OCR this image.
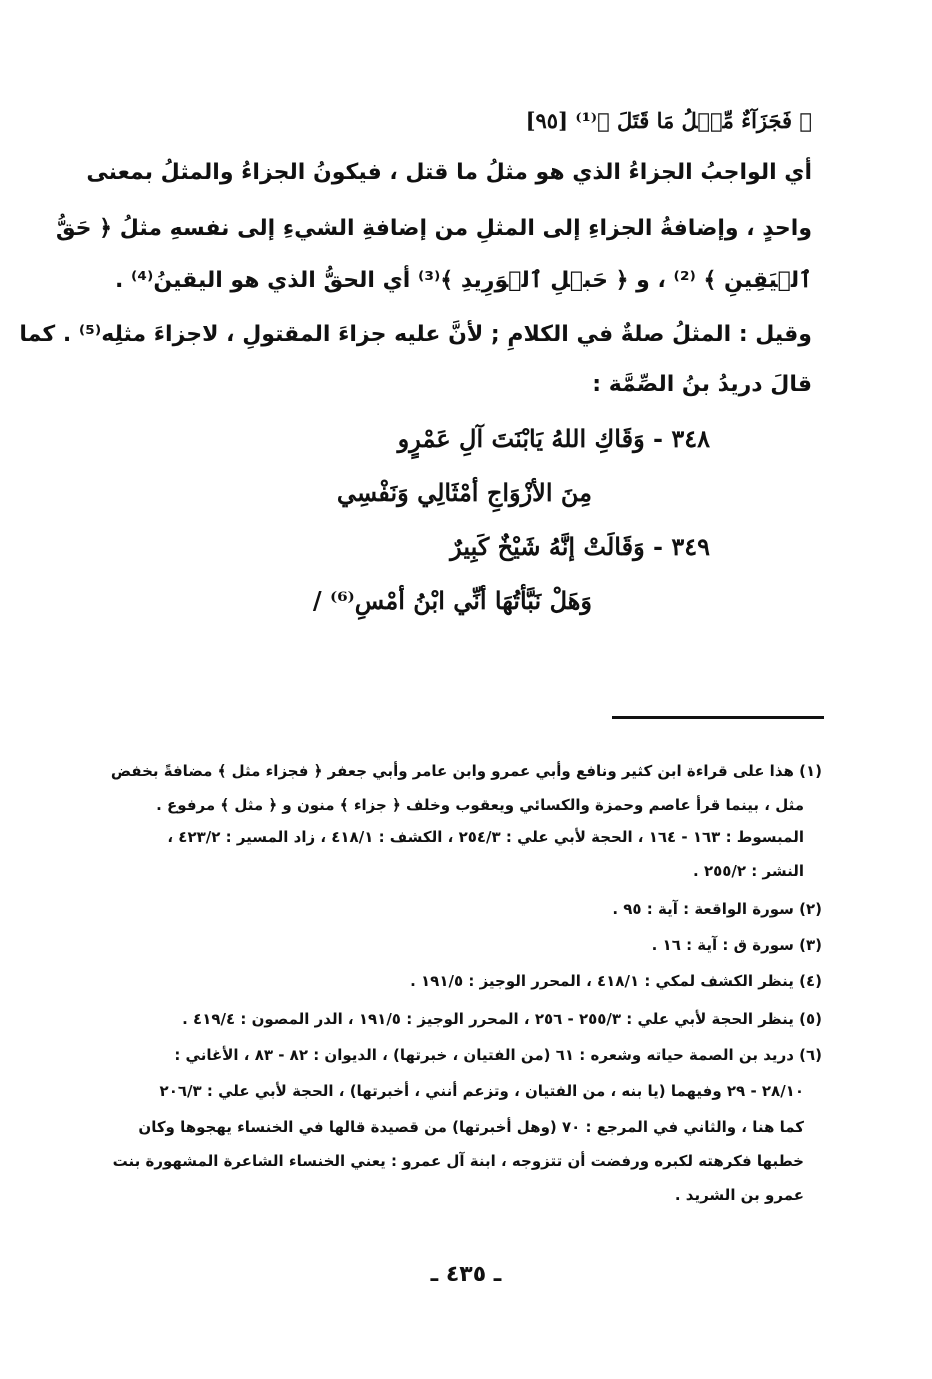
﴿ فَجَزَآءٌ مِّثۡلُ مَا قَتَلَ ﴾⁽¹⁾ [٩٥]
أي الواجبُ الجزاءُ الذي هو مثلُ ما قتل ، فيكونُ الجزاءُ والمثلُ بمعنى
واحدٍ ، وإضافةُ الجزاءِ إلى المثلِ من إضافةِ الشيءِ إلى نفسهِ مثلُ ﴿ حَقُّ
ٱلۡيَقِينِ ﴾ ⁽²⁾ ، و ﴿ حَبۡلِ ٱلۡوَرِيدِ ﴾⁽³⁾ أي الحقُّ الذي هو اليقينُ⁽⁴⁾ .
وقيل : المثلُ صلةٌ في الكلامِ ; لأنَّ عليه جزاءَ المقتولِ ، لاجزاءَ مثلِه⁽⁵⁾ . كما
قالَ دريدُ بنُ الصِّمَّة :
٣٤٨ - وَقَاكِ اللهُ يَابْنَتَ آلِ عَمْرٍو
مِنَ الأزْوَاجِ أمْثَالِي وَنَفْسِي
٣٤٩ - وَقَالَتْ إنَّهُ شَيْخٌ كَبِيرٌ
وَهَلْ نَبَّأتُهَا أنِّي ابْنُ أمْسِ⁽⁶⁾ /
(١) هذا على قراءة ابن كثير ونافع وأبي عمرو وابن عامر وأبي جعفر ﴿ فجزاء مثل ﴾ مضافةً بخفض
مثل ، بينما قرأ عاصم وحمزة والكسائي ويعقوب وخلف ﴿ جزاء ﴾ منون و ﴿ مثل ﴾ مرفوع .
المبسوط : ١٦٣ - ١٦٤ ، الحجة لأبي علي : ٢٥٤/٣ ، الكشف : ٤١٨/١ ، زاد المسير : ٤٢٣/٢ ،
النشر : ٢٥٥/٢ .
(٢) سورة الواقعة : آية : ٩٥ .
(٣) سورة ق : آية : ١٦ .
(٤) ينظر الكشف لمكي : ٤١٨/١ ، المحرر الوجيز : ١٩١/٥ .
(٥) ينظر الحجة لأبي علي : ٢٥٥/٣ - ٢٥٦ ، المحرر الوجيز : ١٩١/٥ ، الدر المصون : ٤١٩/٤ .
(٦) دريد بن الصمة حياته وشعره : ٦١ (من الفتيان ، خبرتها) ، الديوان : ٨٢ - ٨٣ ، الأغاني :
٢٨/١٠ - ٢٩ وفيهما (يا بنه ، من الفتيان ، وتزعم أنني ، أخبرتها) ، الحجة لأبي علي : ٢٠٦/٣
كما هنا ، والثاني في المرجع : ٧٠ (وهل أخبرتها) من قصيدة قالها في الخنساء يهجوها وكان
خطبها فكرهته لكبره ورفضت أن تتزوجه ، ابنة آل عمرو : يعني الخنساء الشاعرة المشهورة بنت
عمرو بن الشريد .
ـ ٤٣٥ ـ
